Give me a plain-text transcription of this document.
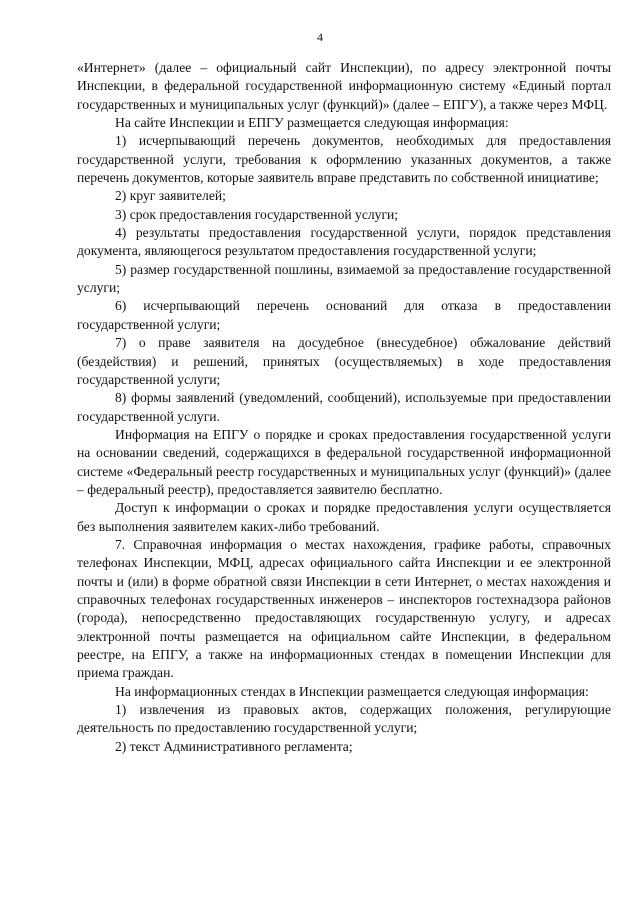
4

«Интернет» (далее – официальный сайт Инспекции), по адресу электронной почты Инспекции, в федеральной государственной информационную систему «Единый портал государственных и муниципальных услуг (функций)» (далее – ЕПГУ), а также через МФЦ.

На сайте Инспекции и ЕПГУ размещается следующая информация:

1) исчерпывающий перечень документов, необходимых для предоставления государственной услуги, требования к оформлению указанных документов, а также перечень документов, которые заявитель вправе представить по собственной инициативе;

2) круг заявителей;

3) срок предоставления государственной услуги;

4) результаты предоставления государственной услуги, порядок представления документа, являющегося результатом предоставления государственной услуги;

5) размер государственной пошлины, взимаемой за предоставление государственной услуги;

6) исчерпывающий перечень оснований для отказа в предоставлении государственной услуги;

7) о праве заявителя на досудебное (внесудебное) обжалование действий (бездействия) и решений, принятых (осуществляемых) в ходе предоставления государственной услуги;

8) формы заявлений (уведомлений, сообщений), используемые при предоставлении государственной услуги.

Информация на ЕПГУ о порядке и сроках предоставления государственной услуги на основании сведений, содержащихся в федеральной государственной информационной системе «Федеральный реестр государственных и муниципальных услуг (функций)» (далее – федеральный реестр), предоставляется заявителю бесплатно.

Доступ к информации о сроках и порядке предоставления услуги осуществляется без выполнения заявителем каких-либо требований.

7. Справочная информация о местах нахождения, графике работы, справочных телефонах Инспекции, МФЦ, адресах официального сайта Инспекции и ее электронной почты и (или) в форме обратной связи Инспекции в сети Интернет, о местах нахождения и справочных телефонах государственных инженеров – инспекторов гостехнадзора районов (города), непосредственно предоставляющих государственную услугу, и адресах электронной почты размещается на официальном сайте Инспекции, в федеральном реестре, на ЕПГУ, а также на информационных стендах в помещении Инспекции для приема граждан.

На информационных стендах в Инспекции размещается следующая информация:

1) извлечения из правовых актов, содержащих положения, регулирующие деятельность по предоставлению государственной услуги;

2) текст Административного регламента;
